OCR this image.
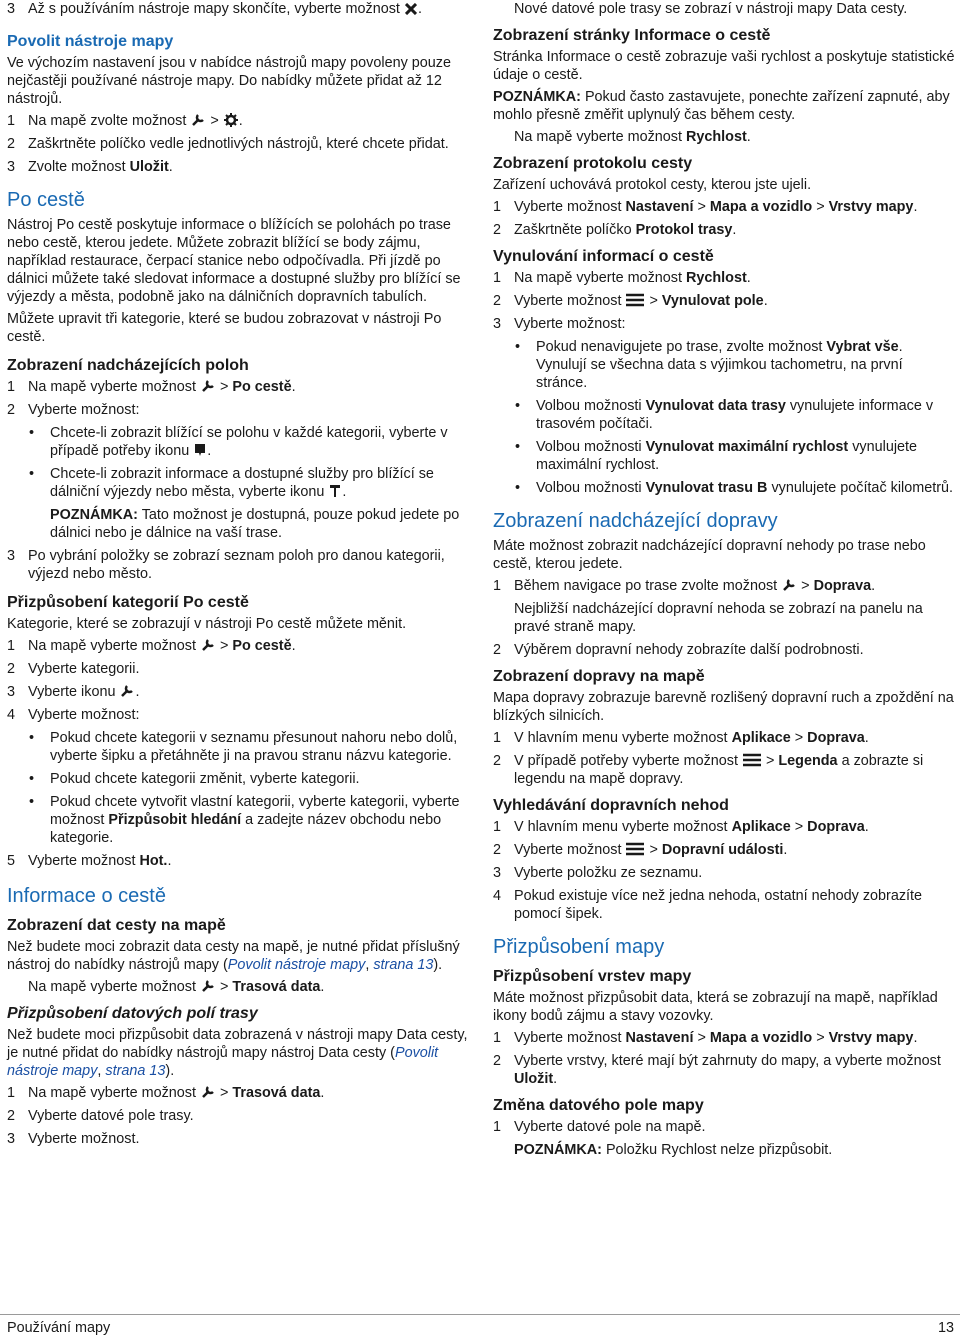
3 Až s používáním nástroje mapy skončíte, vyberte možnost .
Povolit nástroje mapy

Ve výchozím nastavení jsou v nabídce nástrojů mapy povoleny pouze nejčastěji používané nástroje mapy. Do nabídky můžete přidat až 12 nástrojů.

1 Na mapě zvolte možnost > .
2 Zaškrtněte políčko vedle jednotlivých nástrojů, které chcete přidat.
3 Zvolte možnost Uložit.
Po cestě

Nástroj Po cestě poskytuje informace o blížících se polohách po trase nebo cestě, kterou jedete. Můžete zobrazit blížící se body zájmu, například restaurace, čerpací stanice nebo odpočívadla. Při jízdě po dálnici můžete také sledovat informace a dostupné služby pro blížící se výjezdy a města, podobně jako na dálničních dopravních tabulích.

Můžete upravit tři kategorie, které se budou zobrazovat v nástroji Po cestě.

Zobrazení nadcházejících poloh
1 Na mapě vyberte možnost > Po cestě.
2 Vyberte možnost:
• Chcete-li zobrazit blížící se polohu v každé kategorii, vyberte v případě potřeby ikonu .
• Chcete-li zobrazit informace a dostupné služby pro blížící se dálniční výjezdy nebo města, vyberte ikonu .

POZNÁMKA: Tato možnost je dostupná, pouze pokud jedete po dálnici nebo je dálnice na vaší trase.

3 Po vybrání položky se zobrazí seznam poloh pro danou kategorii, výjezd nebo město.
Přizpůsobení kategorií Po cestě

Kategorie, které se zobrazují v nástroji Po cestě můžete měnit.

1 Na mapě vyberte možnost > Po cestě.
2 Vyberte kategorii.
3 Vyberte ikonu .
4 Vyberte možnost:
• Pokud chcete kategorii v seznamu přesunout nahoru nebo dolů, vyberte šipku a přetáhněte ji na pravou stranu názvu kategorie.
• Pokud chcete kategorii změnit, vyberte kategorii.
• Pokud chcete vytvořit vlastní kategorii, vyberte kategorii, vyberte možnost Přizpůsobit hledání a zadejte název obchodu nebo kategorie.
5 Vyberte možnost Hot..
Informace o cestě
Zobrazení dat cesty na mapě

Než budete moci zobrazit data cesty na mapě, je nutné přidat příslušný nástroj do nabídky nástrojů mapy (Povolit nástroje mapy, strana 13).

Na mapě vyberte možnost > Trasová data.

Přizpůsobení datových polí trasy

Než budete moci přizpůsobit data zobrazená v nástroji mapy Data cesty, je nutné přidat do nabídky nástrojů mapy nástroj Data cesty (Povolit nástroje mapy, strana 13).

1 Na mapě vyberte možnost > Trasová data.
2 Vyberte datové pole trasy.
3 Vyberte možnost.

Nové datové pole trasy se zobrazí v nástroji mapy Data cesty.

Zobrazení stránky Informace o cestě

Stránka Informace o cestě zobrazuje vaši rychlost a poskytuje statistické údaje o cestě.

POZNÁMKA: Pokud často zastavujete, ponechte zařízení zapnuté, aby mohlo přesně změřit uplynulý čas během cesty.

Na mapě vyberte možnost Rychlost.

Zobrazení protokolu cesty

Zařízení uchovává protokol cesty, kterou jste ujeli.

1 Vyberte možnost Nastavení > Mapa a vozidlo > Vrstvy mapy.
2 Zaškrtněte políčko Protokol trasy.
Vynulování informací o cestě
1 Na mapě vyberte možnost Rychlost.
2 Vyberte možnost > Vynulovat pole.
3 Vyberte možnost:
• Pokud nenavigujete po trase, zvolte možnost Vybrat vše. Vynulují se všechna data s výjimkou tachometru, na první stránce.
• Volbou možnosti Vynulovat data trasy vynulujete informace v trasovém počítači.
• Volbou možnosti Vynulovat maximální rychlost vynulujete maximální rychlost.
• Volbou možnosti Vynulovat trasu B vynulujete počítač kilometrů.
Zobrazení nadcházející dopravy

Máte možnost zobrazit nadcházející dopravní nehody po trase nebo cestě, kterou jedete.

1 Během navigace po trase zvolte možnost > Doprava.

Nejbližší nadcházející dopravní nehoda se zobrazí na panelu na pravé straně mapy.

2 Výběrem dopravní nehody zobrazíte další podrobnosti.
Zobrazení dopravy na mapě

Mapa dopravy zobrazuje barevně rozlišený dopravní ruch a zpoždění na blízkých silnicích.

1 V hlavním menu vyberte možnost Aplikace > Doprava.
2 V případě potřeby vyberte možnost > Legenda a zobrazte si legendu na mapě dopravy.
Vyhledávání dopravních nehod
1 V hlavním menu vyberte možnost Aplikace > Doprava.
2 Vyberte možnost > Dopravní události.
3 Vyberte položku ze seznamu.
4 Pokud existuje více než jedna nehoda, ostatní nehody zobrazíte pomocí šipek.
Přizpůsobení mapy
Přizpůsobení vrstev mapy

Máte možnost přizpůsobit data, která se zobrazují na mapě, například ikony bodů zájmu a stavy vozovky.

1 Vyberte možnost Nastavení > Mapa a vozidlo > Vrstvy mapy.
2 Vyberte vrstvy, které mají být zahrnuty do mapy, a vyberte možnost Uložit.
Změna datového pole mapy
1 Vyberte datové pole na mapě.

POZNÁMKA: Položku Rychlost nelze přizpůsobit.

Používání mapy	13
